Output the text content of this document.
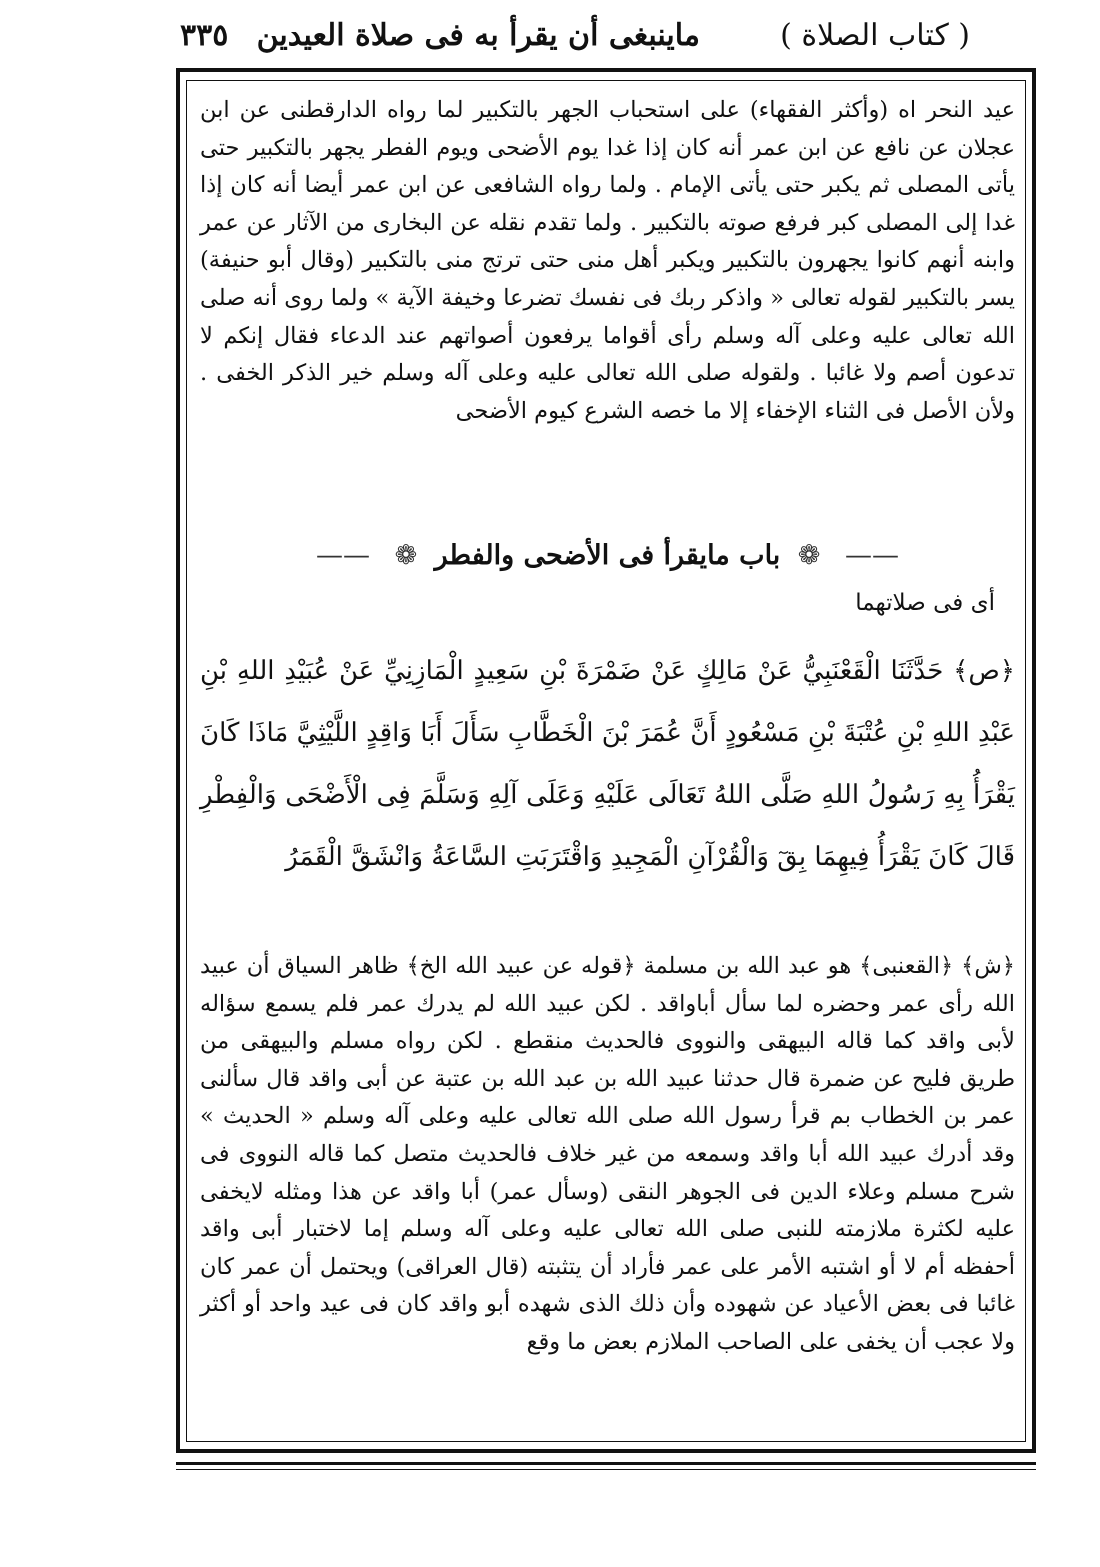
( كتاب الصلاة )
ماينبغى أن يقرأ به فى صلاة العيدين
٣٣٥
عيد النحر اه (وأكثر الفقهاء) على استحباب الجهر بالتكبير لما رواه الدارقطنى عن ابن عجلان عن نافع عن ابن عمر أنه كان إذا غدا يوم الأضحى ويوم الفطر يجهر بالتكبير حتى يأتى المصلى ثم يكبر حتى يأتى الإمام . ولما رواه الشافعى عن ابن عمر أيضا أنه كان إذا غدا إلى المصلى كبر فرفع صوته بالتكبير . ولما تقدم نقله عن البخارى من الآثار عن عمر وابنه أنهم كانوا يجهرون بالتكبير ويكبر أهل منى حتى ترتج منى بالتكبير (وقال أبو حنيفة) يسر بالتكبير لقوله تعالى « واذكر ربك فى نفسك تضرعا وخيفة الآية » ولما روى أنه صلى الله تعالى عليه وعلى آله وسلم رأى أقواما يرفعون أصواتهم عند الدعاء فقال إنكم لا تدعون أصم ولا غائبا . ولقوله صلى الله تعالى عليه وعلى آله وسلم خير الذكر الخفى . ولأن الأصل فى الثناء الإخفاء إلا ما خصه الشرع كيوم الأضحى
—— ❁ باب مايقرأ فى الأضحى والفطر ❁ ——
أى فى صلاتهما
﴿ص﴾ حَدَّثَنَا الْقَعْنَبِيُّ عَنْ مَالِكٍ عَنْ ضَمْرَةَ بْنِ سَعِيدٍ الْمَازِنِيِّ عَنْ عُبَيْدِ اللهِ بْنِ عَبْدِ اللهِ بْنِ عُتْبَةَ بْنِ مَسْعُودٍ أَنَّ عُمَرَ بْنَ الْخَطَّابِ سَأَلَ أَبَا وَاقِدٍ اللَّيْثِيَّ مَاذَا كَانَ يَقْرَأُ بِهِ رَسُولُ اللهِ صَلَّى اللهُ تَعَالَى عَلَيْهِ وَعَلَى آلِهِ وَسَلَّمَ فِى الْأَضْحَى وَالْفِطْرِ قَالَ كَانَ يَقْرَأُ فِيهِمَا بِقٓ وَالْقُرْآنِ الْمَجِيدِ وَاقْتَرَبَتِ السَّاعَةُ وَانْشَقَّ الْقَمَرُ
﴿ش﴾ ﴿القعنبى﴾ هو عبد الله بن مسلمة ﴿قوله عن عبيد الله الخ﴾ ظاهر السياق أن عبيد الله رأى عمر وحضره لما سأل أباواقد . لكن عبيد الله لم يدرك عمر فلم يسمع سؤاله لأبى واقد كما قاله البيهقى والنووى فالحديث منقطع . لكن رواه مسلم والبيهقى من طريق فليح عن ضمرة قال حدثنا عبيد الله بن عبد الله بن عتبة عن أبى واقد قال سألنى عمر بن الخطاب بم قرأ رسول الله صلى الله تعالى عليه وعلى آله وسلم « الحديث » وقد أدرك عبيد الله أبا واقد وسمعه من غير خلاف فالحديث متصل كما قاله النووى فى شرح مسلم وعلاء الدين فى الجوهر النقى (وسأل عمر) أبا واقد عن هذا ومثله لايخفى عليه لكثرة ملازمته للنبى صلى الله تعالى عليه وعلى آله وسلم إما لاختبار أبى واقد أحفظه أم لا أو اشتبه الأمر على عمر فأراد أن يتثبته (قال العراقى) ويحتمل أن عمر كان غائبا فى بعض الأعياد عن شهوده وأن ذلك الذى شهده أبو واقد كان فى عيد واحد أو أكثر ولا عجب أن يخفى على الصاحب الملازم بعض ما وقع
